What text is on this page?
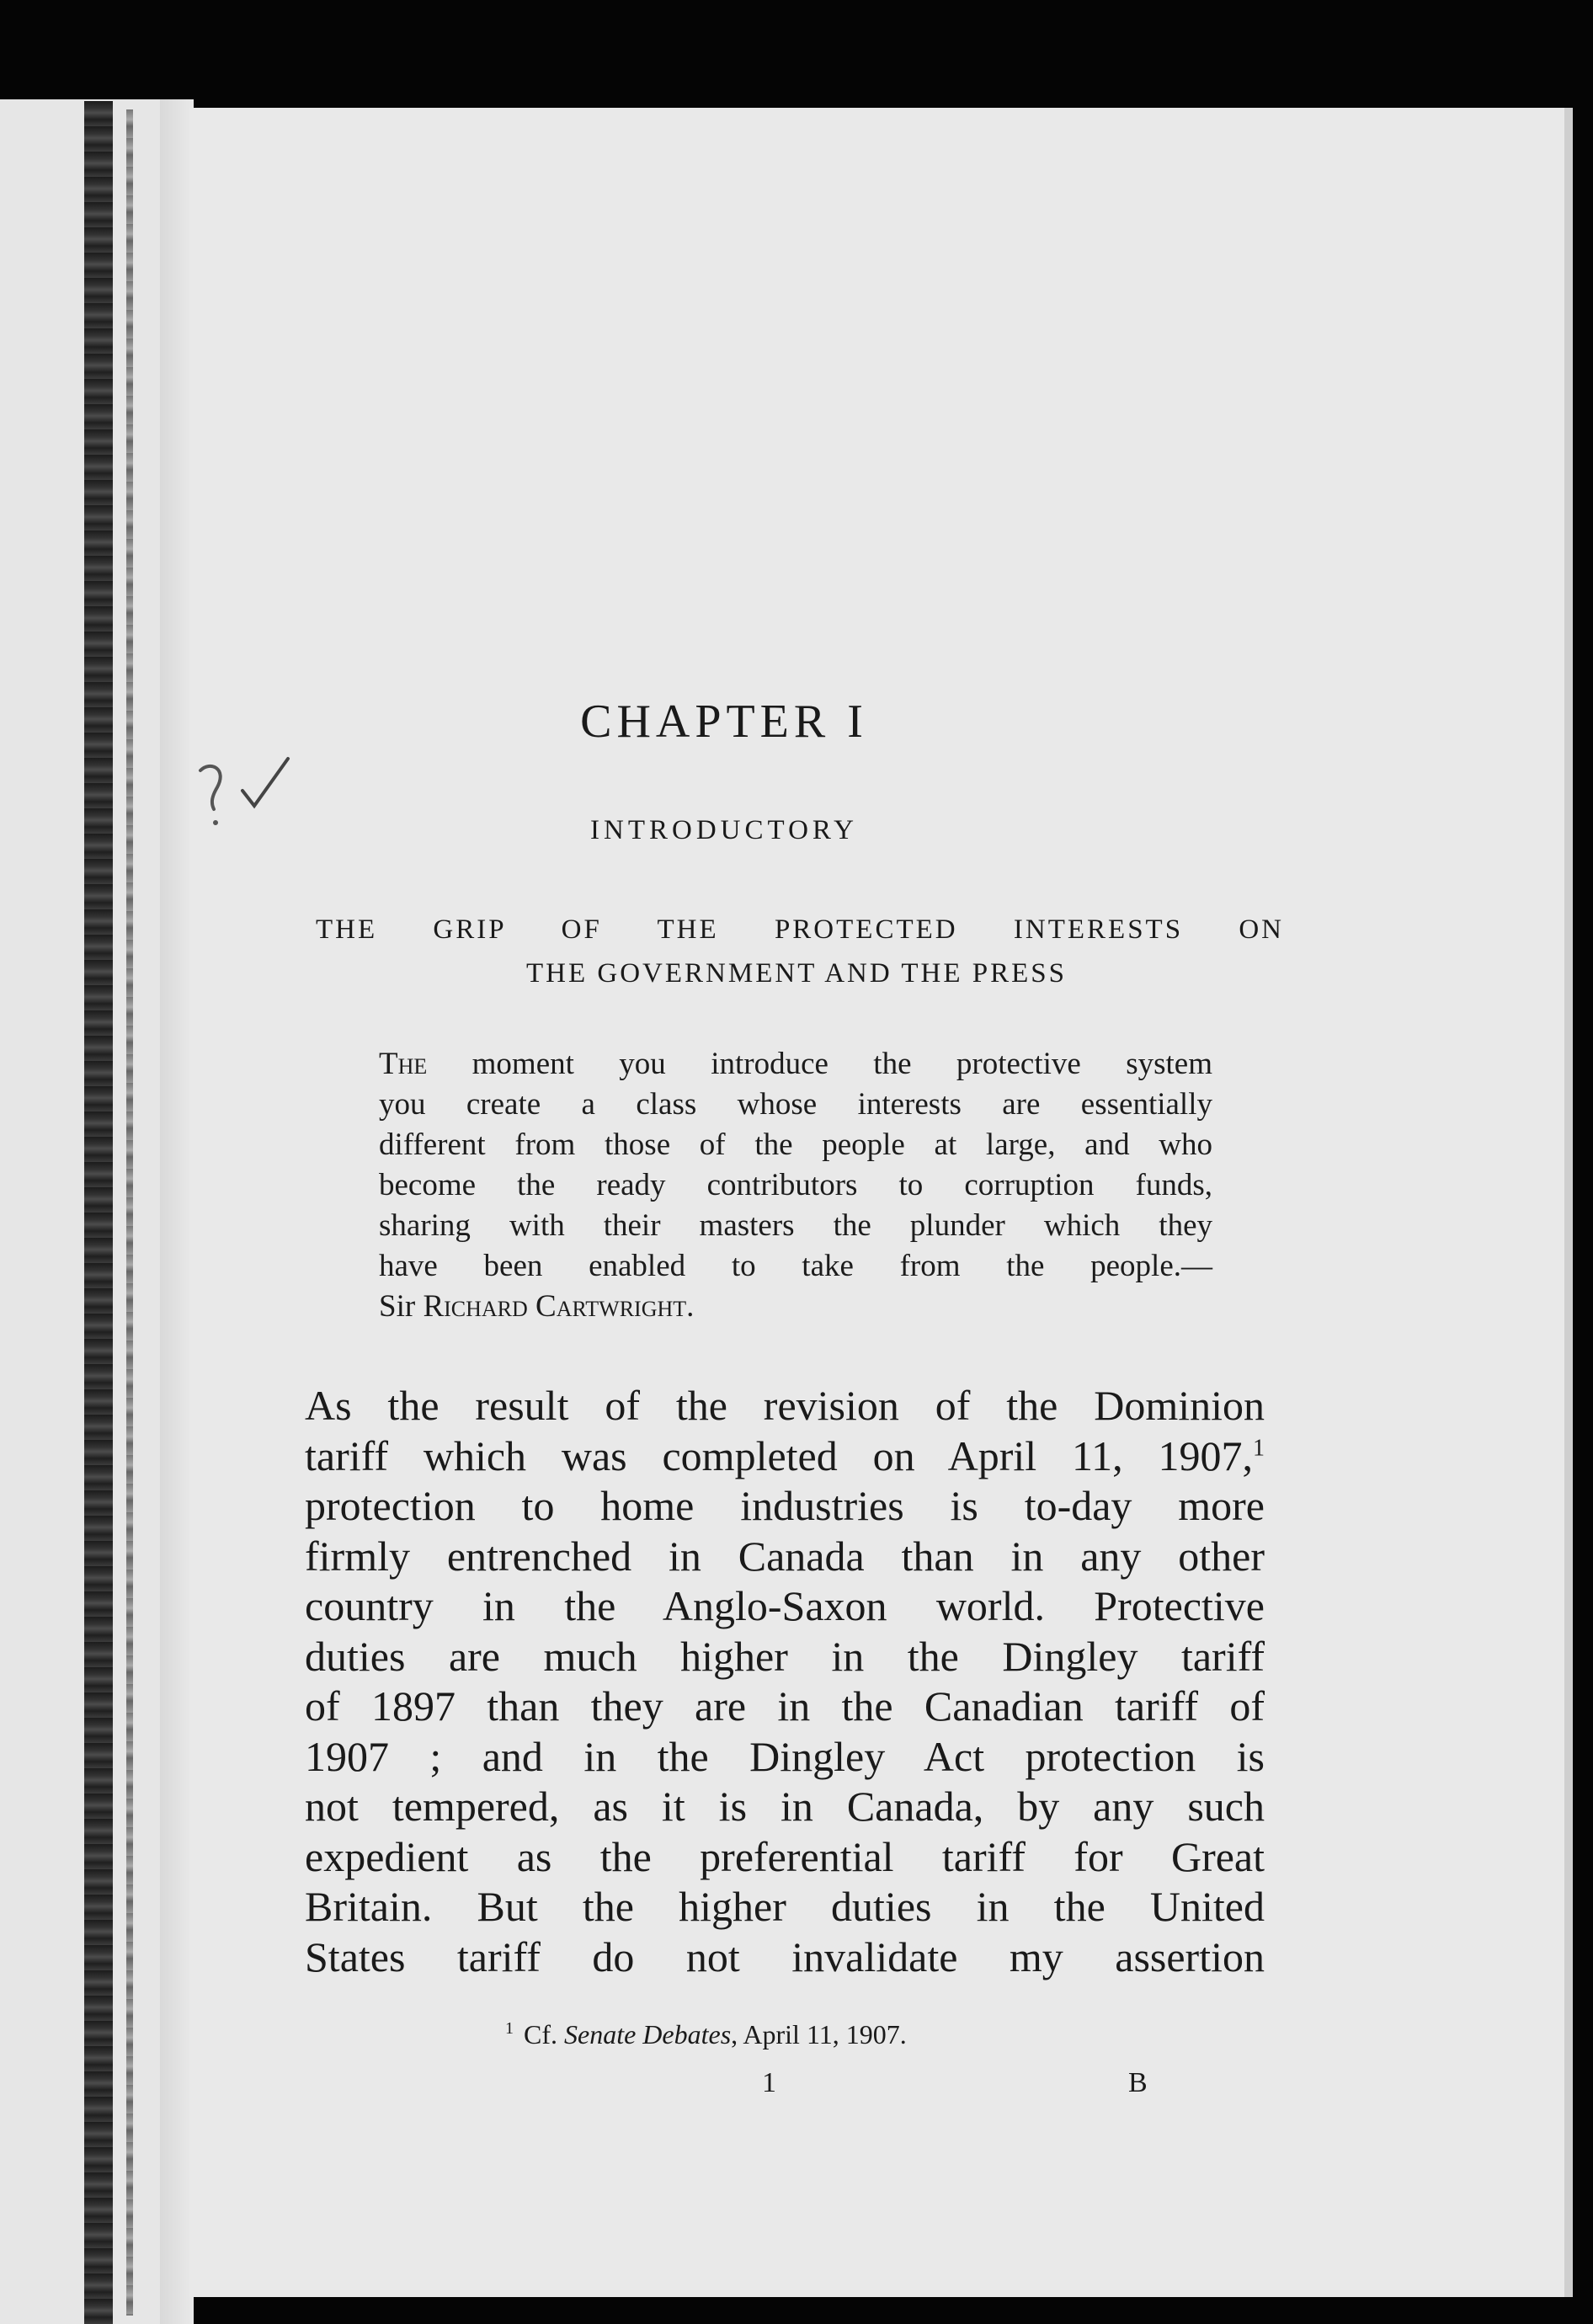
CHAPTER I
INTRODUCTORY
THE GRIP OF THE PROTECTED INTERESTS ON
THE GOVERNMENT AND THE PRESS
The moment you introduce the protective system
you create a class whose interests are essentially
different from those of the people at large, and who
become the ready contributors to corruption funds,
sharing with their masters the plunder which they
have been enabled to take from the people.—
Sir Richard Cartwright.
As the result of the revision of the Dominion
tariff which was completed on April 11, 1907,$^1$
protection to home industries is to-day more
firmly entrenched in Canada than in any other
country in the Anglo-Saxon world. Protective
duties are much higher in the Dingley tariff
of 1897 than they are in the Canadian tariff of
1907 ; and in the Dingley Act protection is
not tempered, as it is in Canada, by any such
expedient as the preferential tariff for Great
Britain. But the higher duties in the United
States tariff do not invalidate my assertion

$^1$ Cf. Senate Debates, April 11, 1907.

1	B
